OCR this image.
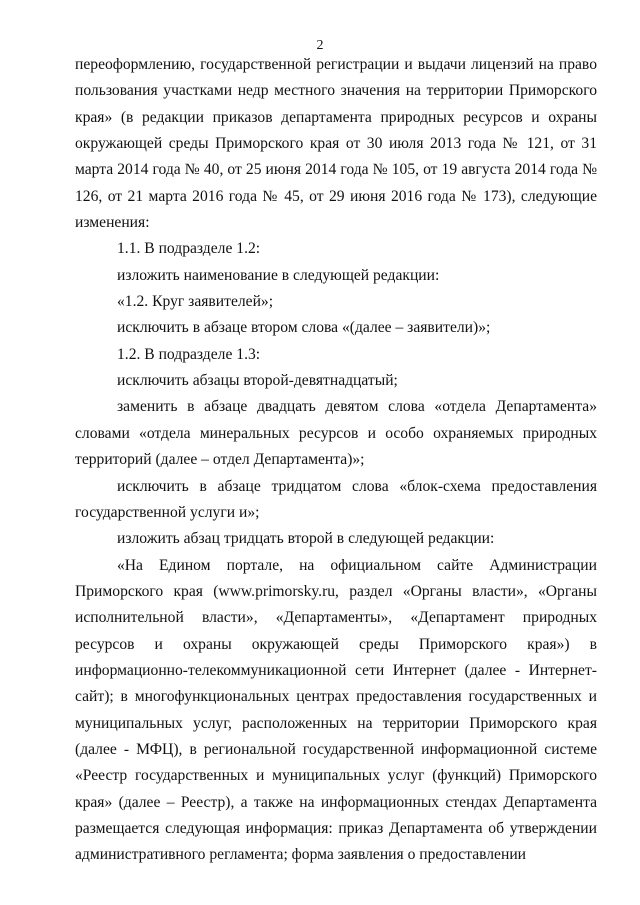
2

переоформлению, государственной регистрации и выдачи лицензий на право пользования участками недр местного значения на территории Приморского края» (в редакции приказов департамента природных ресурсов и охраны окружающей среды Приморского края от 30 июля 2013 года № 121, от 31 марта 2014 года № 40, от 25 июня 2014 года № 105, от 19 августа 2014 года № 126, от 21 марта 2016 года № 45, от 29 июня 2016 года № 173), следующие изменения:

1.1. В подразделе 1.2:

изложить наименование в следующей редакции:

«1.2. Круг заявителей»;

исключить в абзаце втором слова «(далее – заявители)»;

1.2. В подразделе 1.3:

исключить абзацы второй-девятнадцатый;

заменить в абзаце двадцать девятом слова «отдела Департамента» словами «отдела минеральных ресурсов и особо охраняемых природных территорий (далее – отдел Департамента)»;

исключить в абзаце тридцатом слова «блок-схема предоставления государственной услуги и»;

изложить абзац тридцать второй в следующей редакции:

«На Едином портале, на официальном сайте Администрации Приморского края (www.primorsky.ru, раздел «Органы власти», «Органы исполнительной власти», «Департаменты», «Департамент природных ресурсов и охраны окружающей среды Приморского края») в информационно-телекоммуникационной сети Интернет (далее - Интернет-сайт); в многофункциональных центрах предоставления государственных и муниципальных услуг, расположенных на территории Приморского края (далее - МФЦ), в региональной государственной информационной системе «Реестр государственных и муниципальных услуг (функций) Приморского края» (далее – Реестр), а также на информационных стендах Департамента размещается следующая информация: приказ Департамента об утверждении административного регламента; форма заявления о предоставлении
